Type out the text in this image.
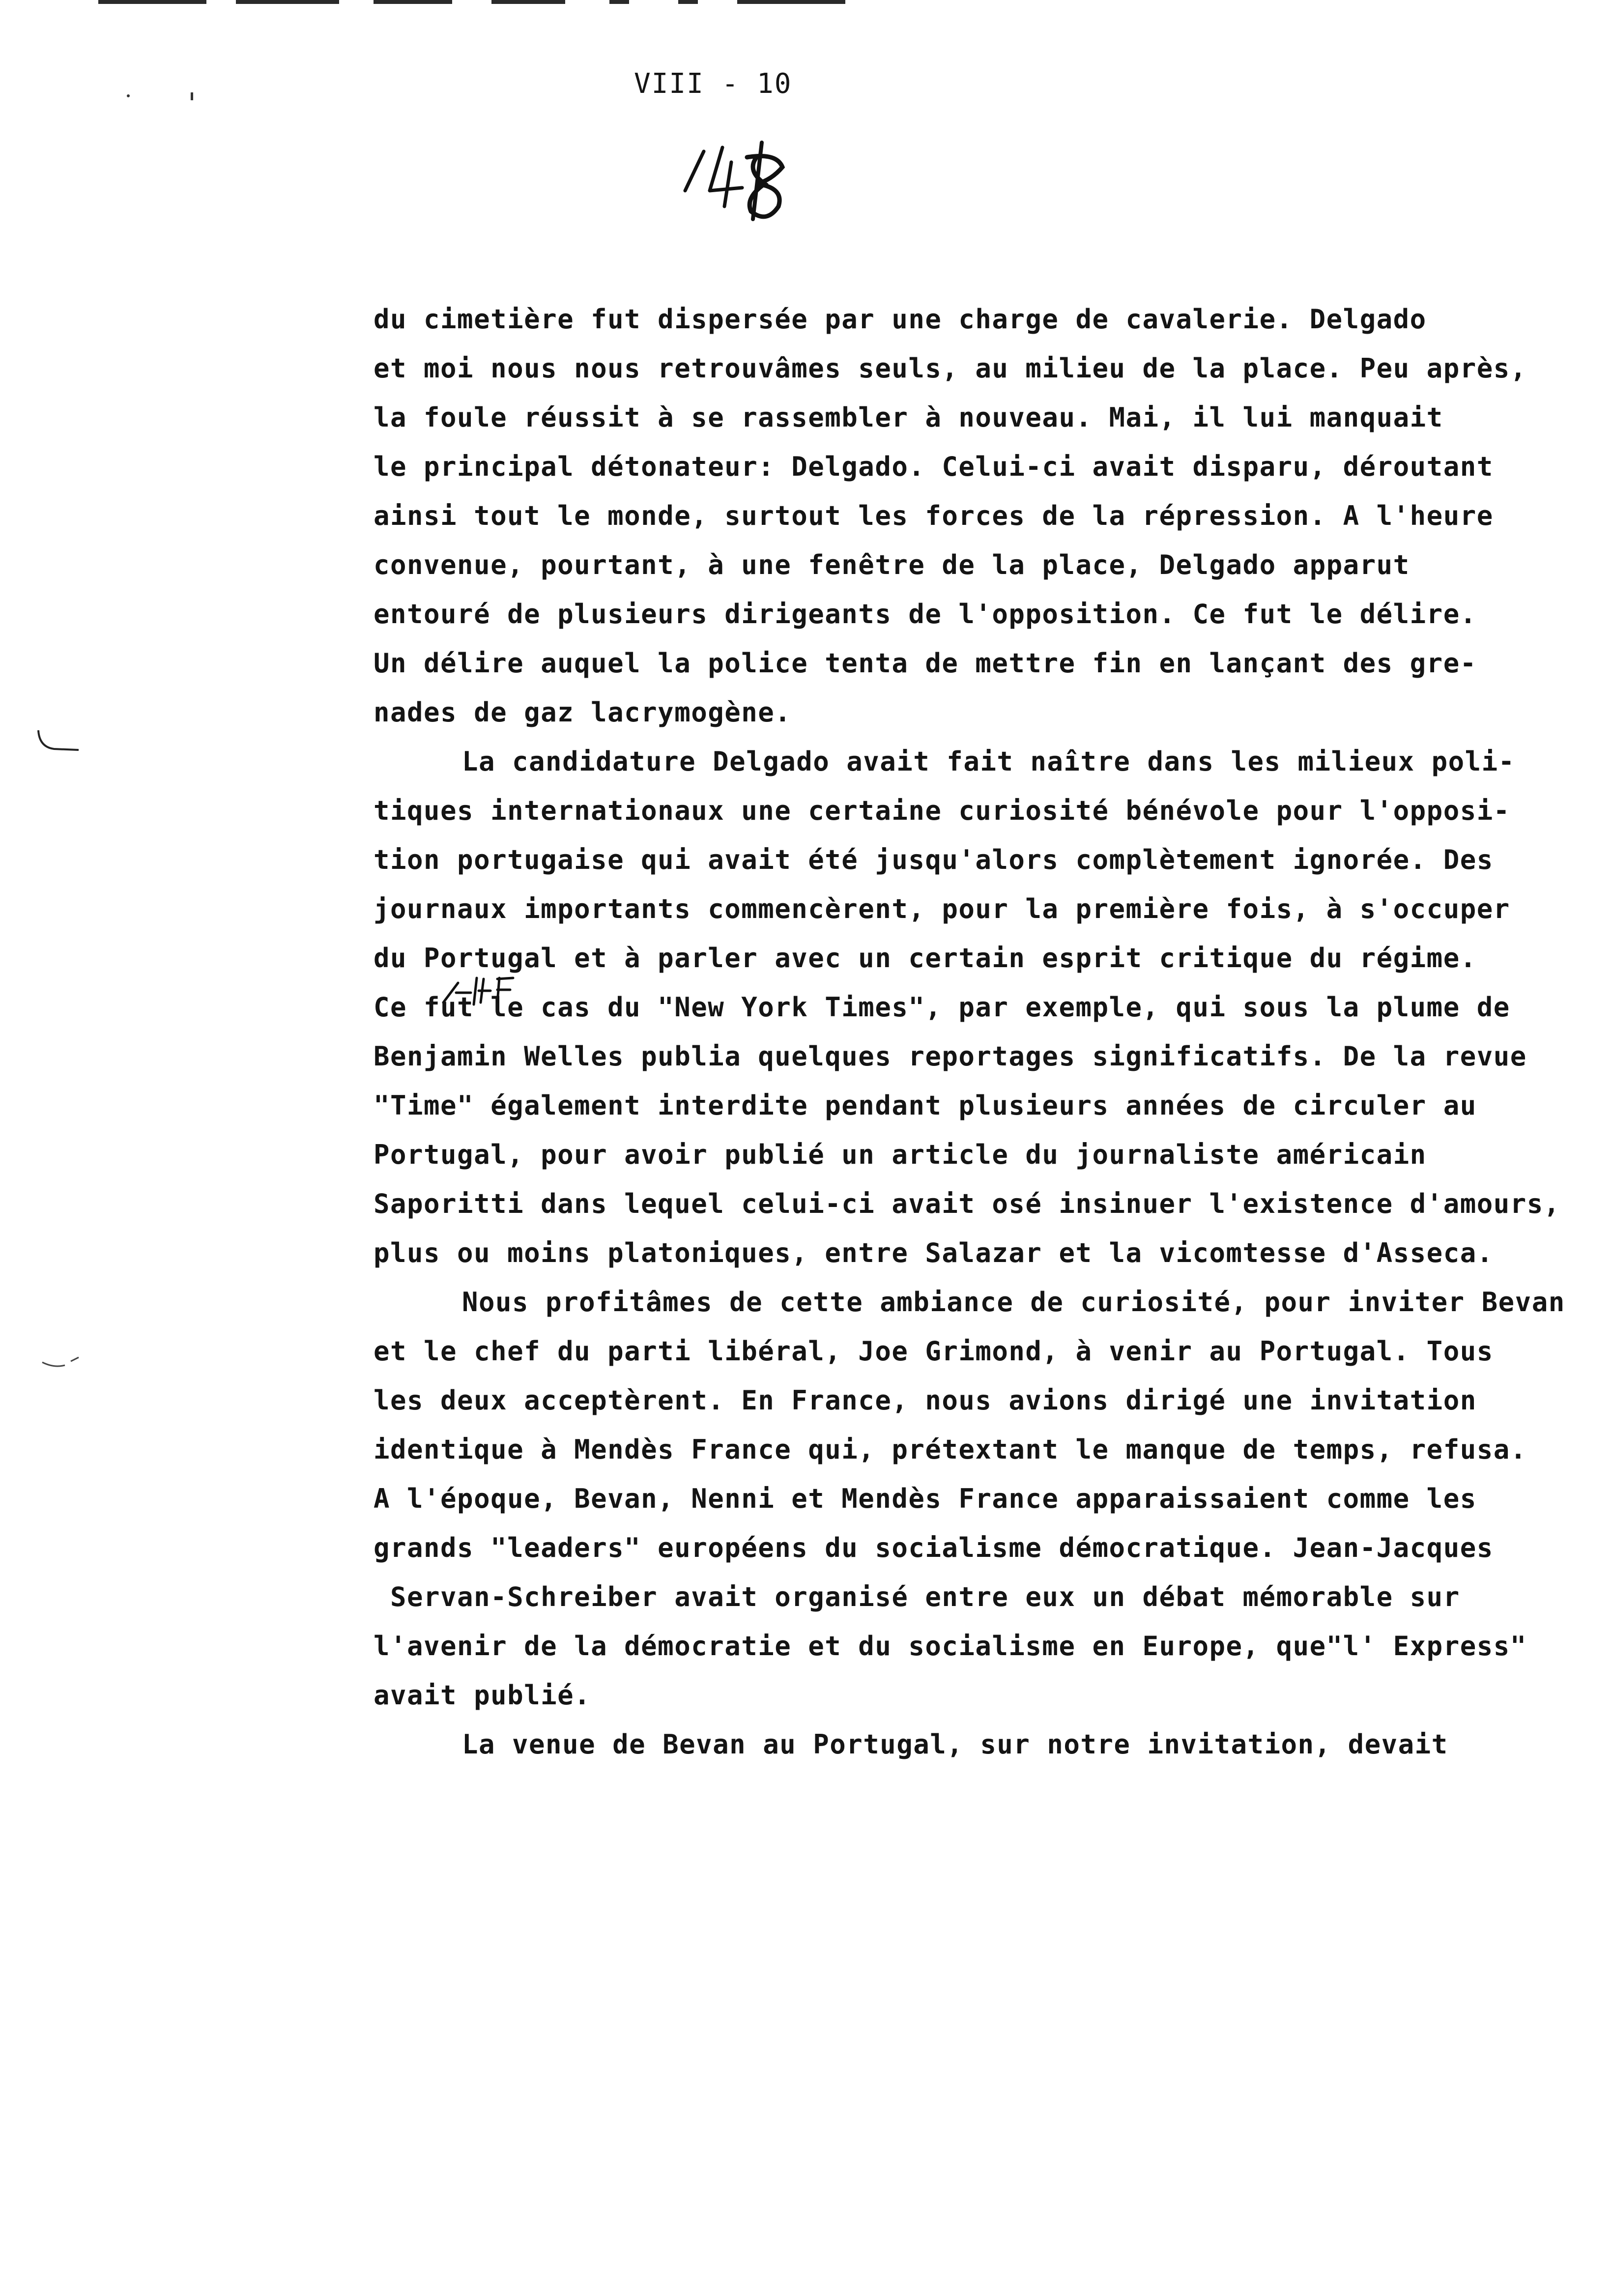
VIII - 10
du cimetière fut dispersée par une charge de cavalerie. Delgado
et moi nous nous retrouvâmes seuls, au milieu de la place. Peu après,
la foule réussit à se rassembler à nouveau. Mai, il lui manquait
le principal détonateur: Delgado. Celui-ci avait disparu, déroutant
ainsi tout le monde, surtout les forces de la répression. A l'heure
convenue, pourtant, à une fenêtre de la place, Delgado apparut
entouré de plusieurs dirigeants de l'opposition. Ce fut le délire.
Un délire auquel la police tenta de mettre fin en lançant des gre-
nades de gaz lacrymogène.
La candidature Delgado avait fait naître dans les milieux poli-
tiques internationaux une certaine curiosité bénévole pour l'opposi-
tion portugaise qui avait été jusqu'alors complètement ignorée. Des
journaux importants commencèrent, pour la première fois, à s'occuper
du Portugal et à parler avec un certain esprit critique du régime.
Ce fut le cas du "New York Times", par exemple, qui sous la plume de
Benjamin Welles publia quelques reportages significatifs. De la revue
"Time" également interdite pendant plusieurs années de circuler au
Portugal, pour avoir publié un article du journaliste américain
Saporitti dans lequel celui-ci avait osé insinuer l'existence d'amours,
plus ou moins platoniques, entre Salazar et la vicomtesse d'Asseca.
Nous profitâmes de cette ambiance de curiosité, pour inviter Bevan
et le chef du parti libéral, Joe Grimond, à venir au Portugal. Tous
les deux acceptèrent. En France, nous avions dirigé une invitation
identique à Mendès France qui, prétextant le manque de temps, refusa.
A l'époque, Bevan, Nenni et Mendès France apparaissaient comme les
grands "leaders" européens du socialisme démocratique. Jean-Jacques
Servan-Schreiber avait organisé entre eux un débat mémorable sur
l'avenir de la démocratie et du socialisme en Europe, que"l' Express"
avait publié.
La venue de Bevan au Portugal, sur notre invitation, devait
